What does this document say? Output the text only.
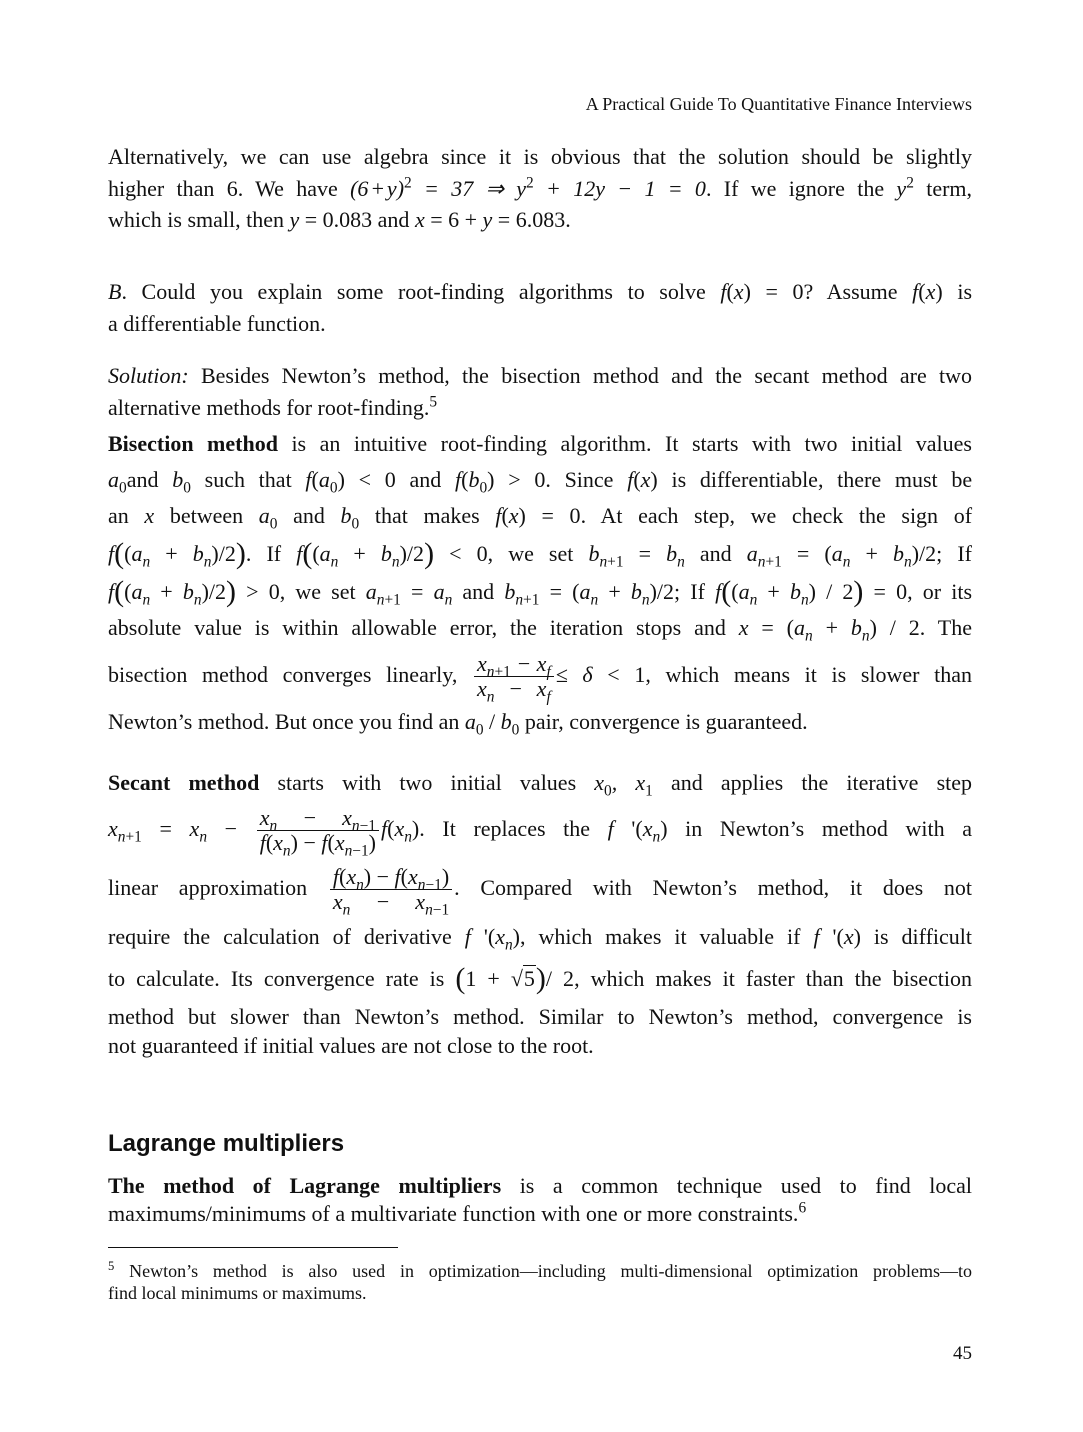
A Practical Guide To Quantitative Finance Interviews
Alternatively, we can use algebra since it is obvious that the solution should be slightly
higher than 6. We have (6 + y)$^2$ = 37 ⇒ $y^2 + 12y - 1 = 0$. If we ignore the $y^2$ term,
which is small, then y = 0.083 and x = 6 + y = 6.083.
B. Could you explain some root-finding algorithms to solve f(x) = 0? Assume f(x) is
a differentiable function.
Solution: Besides Newton’s method, the bisection method and the secant method are two
alternative methods for root-finding.$^5$
Bisection method is an intuitive root-finding algorithm. It starts with two initial values
$a_0and$ $b_0$ such that $f(a_0) < 0$ and $f(b_0) > 0$. Since f(x) is differentiable, there must be
an x between $a_0$ and $b_0$ that makes f(x) = 0. At each step, we check the sign of
$f((a_n + b_n)/2)$. If $f((a_n + b_n)/2) < 0$, we set $b_{n+1} = b_n$ and $a_{n+1} = (a_n + b_n)/2$; If
$f((a_n + b_n)/2) > 0$, we set $a_{n+1} = a_n$ and $b_{n+1} = (a_n + b_n)/2$; If $f((a_n + b_n) / 2) = 0$, or its
absolute value is within allowable error, the iteration stops and $x = (a_n + b_n) / 2$. The
bisection method converges linearly, $\frac{x_{n+1} - x_f}{x_n - x_f} \le \delta < 1$, which means it is slower than
Newton’s method. But once you find an $a_0 / b_0$ pair, convergence is guaranteed.
Secant method starts with two initial values $x_0$, $x_1$ and applies the iterative step
$x_{n+1} = x_n - \frac{x_n - x_{n-1}}{f(x_n) - f(x_{n-1})} f(x_n)$. It replaces the f '$(x_n)$ in Newton’s method with a
linear approximation $\frac{f(x_n) - f(x_{n-1})}{x_n - x_{n-1}}$ . Compared with Newton’s method, it does not
require the calculation of derivative f '$(x_n)$, which makes it valuable if f '(x) is difficult
to calculate. Its convergence rate is (1 + √5)/ 2, which makes it faster than the bisection
method but slower than Newton’s method. Similar to Newton’s method, convergence is
not guaranteed if initial values are not close to the root.
Lagrange multipliers
The method of Lagrange multipliers is a common technique used to find local
maximums/minimums of a multivariate function with one or more constraints.$^6$
$^5$ Newton’s method is also used in optimization—including multi-dimensional optimization problems—to
find local minimums or maximums.
45
